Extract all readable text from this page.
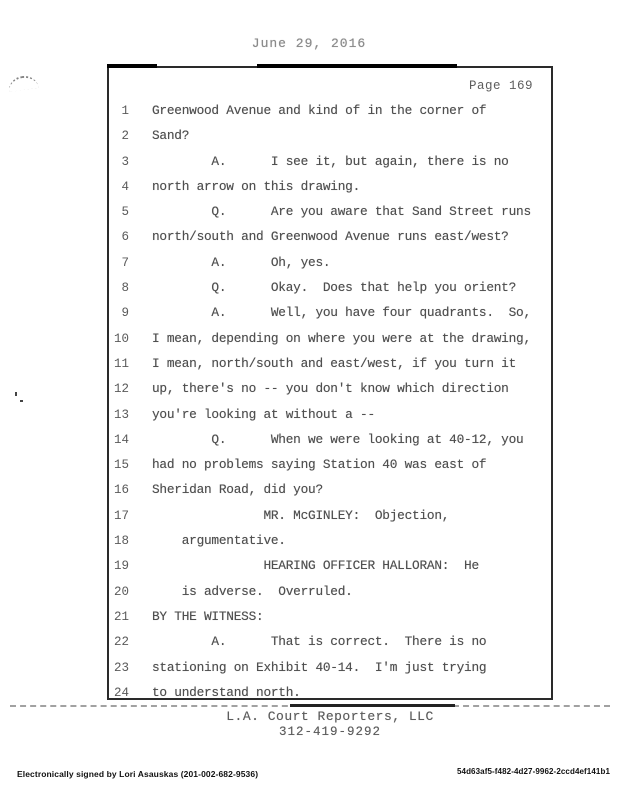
June 29, 2016
Page 169
1 Greenwood Avenue and kind of in the corner of
2 Sand?
3 A.      I see it, but again, there is no
4 north arrow on this drawing.
5 Q.      Are you aware that Sand Street runs
6 north/south and Greenwood Avenue runs east/west?
7 A.      Oh, yes.
8 Q.      Okay.  Does that help you orient?
9 A.      Well, you have four quadrants.  So,
10 I mean, depending on where you were at the drawing,
11 I mean, north/south and east/west, if you turn it
12 up, there's no -- you don't know which direction
13 you're looking at without a --
14 Q.      When we were looking at 40-12, you
15 had no problems saying Station 40 was east of
16 Sheridan Road, did you?
17 MR. McGINLEY:  Objection,
18 argumentative.
19 HEARING OFFICER HALLORAN:  He
20 is adverse.  Overruled.
21 BY THE WITNESS:
22 A.      That is correct.  There is no
23 stationing on Exhibit 40-14.  I'm just trying
24 to understand north.
L.A. Court Reporters, LLC
312-419-9292
Electronically signed by Lori Asauskas (201-002-682-9536)	54d63af5-f482-4d27-9962-2ccd4ef141b1
